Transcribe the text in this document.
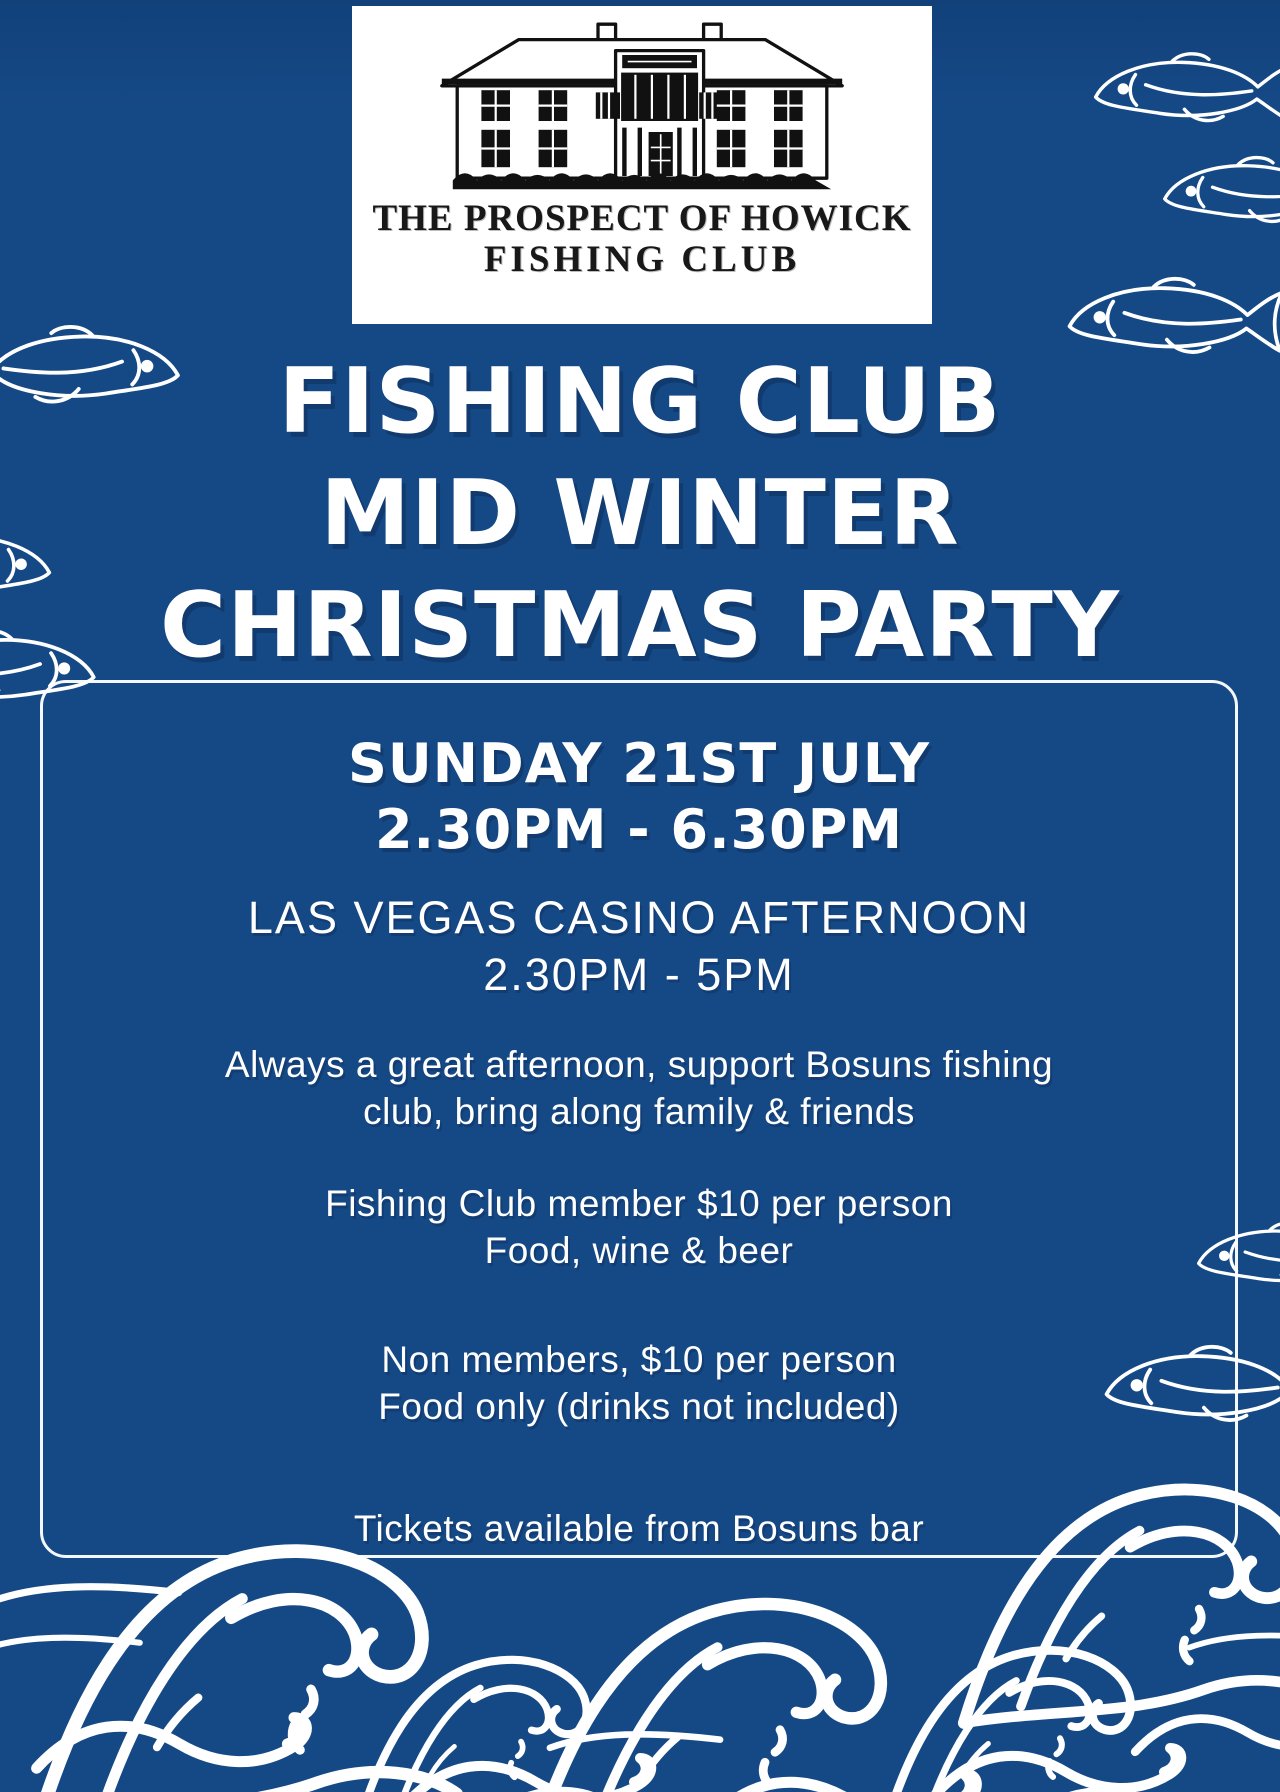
THE PROSPECT OF HOWICK
FISHING CLUB
FISHING CLUB
MID WINTER
CHRISTMAS PARTY
SUNDAY 21ST JULY
2.30PM - 6.30PM
LAS VEGAS CASINO AFTERNOON
2.30PM - 5PM
Always a great afternoon, support Bosuns fishing
club, bring along family & friends
Fishing Club member $10 per person
Food, wine & beer
Non members, $10 per person
Food only (drinks not included)
Tickets available from Bosuns bar
